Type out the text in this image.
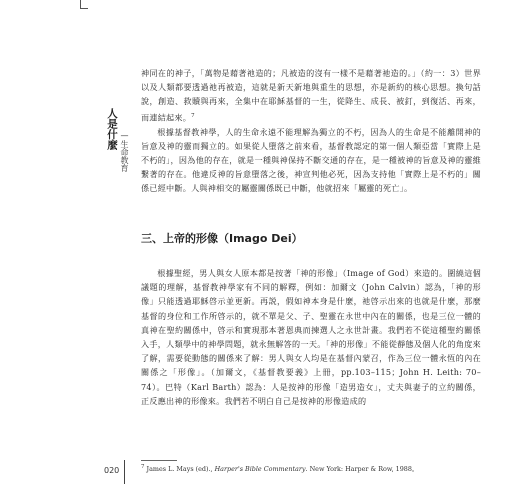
人是什麼 —生命教育

神同在的神子，「萬物是藉著祂造的；凡被造的沒有一樣不是藉著祂造的。」（約一：3）世界以及人類都要透過祂再被造，這就是新天新地與重生的思想，亦是新約的核心思想。換句話說，創造、救贖與再來，全集中在耶穌基督的一生，從降生、成長、被釘，到復活、再來，而連結起來。$^7$

根據基督教神學，人的生命永遠不能理解為獨立的不朽，因為人的生命是不能離開神的旨意及神的靈而獨立的。如果從人墮落之前來看，基督教認定的第一個人類亞當「實際上是不朽的」，因為他的存在，就是一種與神保持不斷交通的存在，是一種被神的旨意及神的靈維繫著的存在。他違反神的旨意墮落之後，神宣判他必死，因為支持他「實際上是不朽的」關係已經中斷。人與神相交的屬靈關係既已中斷，他就招來「屬靈的死亡」。

三、上帝的形像（Imago Dei）

根據聖經，男人與女人原本都是按著「神的形像」（Image of God）來造的。圍繞這個議題的理解，基督教神學家有不同的解釋，例如：加爾文（John Calvin）認為，「神的形像」只能透過耶穌啓示並更新。再説，假如神本身是什麼，祂啓示出來的也就是什麼，那麼基督的身位和工作所啓示的，就不單是父、子、聖靈在永世中內在的關係，也是三位一體的真神在聖約關係中，啓示和實現那本著恩典而揀選人之永世計畫。我們若不從這種聖約關係入手，人類學中的神學問題，就永無解答的一天。「神的形像」不能從靜態及個人化的角度來了解，需要從動態的關係來了解：男人與女人均是在基督內蒙召，作為三位一體永恆的內在關係之「形像」。（加爾文，《基督教要義》上冊，pp.103–115；John H. Leith: 70–74）。巴特（Karl Barth）認為：人是按神的形像「造男造女」，丈夫與妻子的立約關係，正反應出神的形像來。我們若不明白自己是按神的形像造成的

020	$^7$ James L. Mays (ed)., Harper's Bible Commentary. New York: Harper & Row, 1988。
